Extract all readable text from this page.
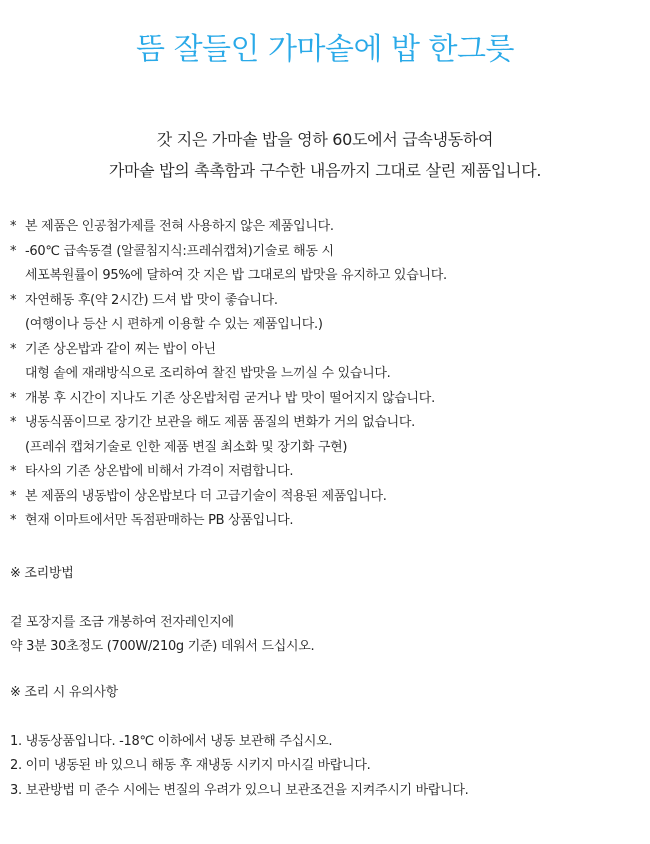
뜸 잘들인 가마솥에 밥 한그릇
갓 지은 가마솥 밥을 영하 60도에서 급속냉동하여
가마솥 밥의 촉촉함과 구수한 내음까지 그대로 살린 제품입니다.
* 본 제품은 인공첨가제를 전혀 사용하지 않은 제품입니다.
* -60℃ 급속동결 (알콜침지식:프레쉬캡쳐)기술로 해동 시
세포복원률이 95%에 달하여 갓 지은 밥 그대로의 밥맛을 유지하고 있습니다.
* 자연해동 후(약 2시간) 드셔 밥 맛이 좋습니다.
(여행이나 등산 시 편하게 이용할 수 있는 제품입니다.)
* 기존 상온밥과 같이 찌는 밥이 아닌
대형 솥에 재래방식으로 조리하여 찰진 밥맛을 느끼실 수 있습니다.
* 개봉 후 시간이 지나도 기존 상온밥처럼 굳거나 밥 맛이 떨어지지 않습니다.
* 냉동식품이므로 장기간 보관을 해도 제품 품질의 변화가 거의 없습니다.
(프레쉬 캡쳐기술로 인한 제품 변질 최소화 및 장기화 구현)
* 타사의 기존 상온밥에 비해서 가격이 저렴합니다.
* 본 제품의 냉동밥이 상온밥보다 더 고급기술이 적용된 제품입니다.
* 현재 이마트에서만 독점판매하는 PB 상품입니다.
※ 조리방법
겉 포장지를 조금 개봉하여 전자레인지에
약 3분 30초정도 (700W/210g 기준) 데워서 드십시오.
※ 조리 시 유의사항
1. 냉동상품입니다. -18℃ 이하에서 냉동 보관해 주십시오.
2. 이미 냉동된 바 있으니 해동 후 재냉동 시키지 마시길 바랍니다.
3. 보관방법 미 준수 시에는 변질의 우려가 있으니 보관조건을 지켜주시기 바랍니다.
